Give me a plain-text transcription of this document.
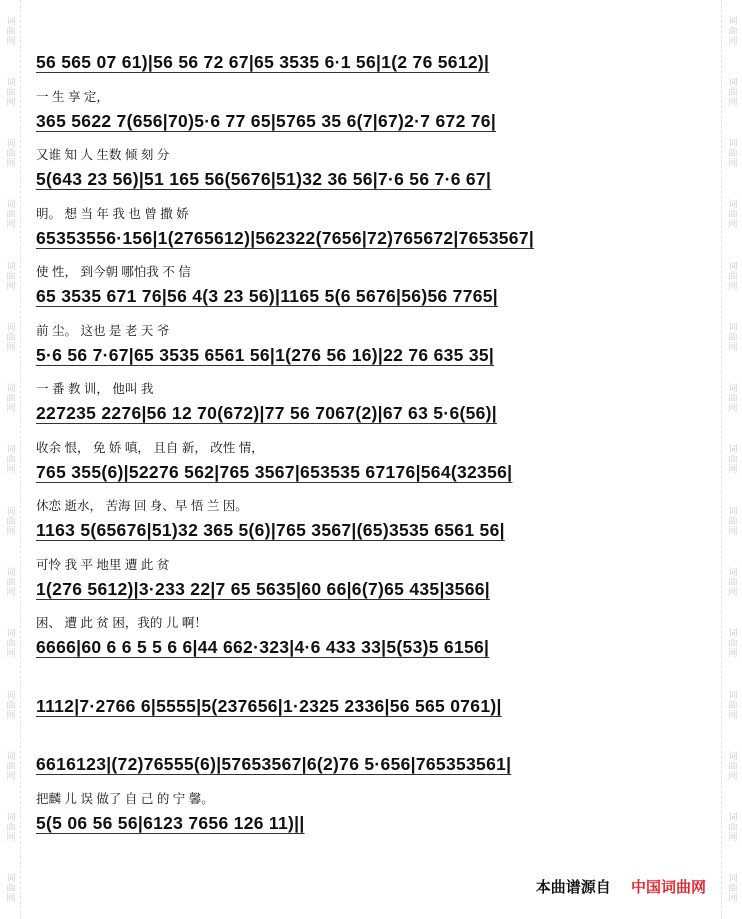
词曲网
词曲网
词曲网
词曲网
词曲网
词曲网
词曲网
词曲网
词曲网
词曲网
词曲网
词曲网
词曲网
词曲网
词曲网
词曲网
词曲网
词曲网
词曲网
词曲网
词曲网
词曲网
词曲网
词曲网
词曲网
词曲网
词曲网
词曲网
词曲网
词曲网
56 565 07 61)|56 56 72 67|65 3535 6·1 56|1(2 76 5612)|
一 生 享 定，
365 5622 7(656|70)5·6 77 65|5765 35 6(7|67)2·7 672 76|
又谁 知 人 生数 倾 刻 分
5(643 23 56)|51 165 56(5676|51)32 36 56|7·6 56 7·6 67|
明。 想 当 年 我 也 曾 撒 娇
65353556·156|1(2765612)|562322(7656|72)765672|7653567|
使 性， 到今朝 哪怕我 不 信
65 3535 671 76|56 4(3 23 56)|1165 5(6 5676|56)56 7765|
前 尘。 这也 是 老 天 爷
5·6 56 7·67|65 3535 6561 56|1(276 56 16)|22 76 635 35|
一 番 教 训， 他叫 我
227235 2276|56 12 70(672)|77 56 7067(2)|67 63 5·6(56)|
收余 恨， 免 娇 嗔， 且自 新， 改性 情，
765 355(6)|52276 562|765 3567|653535 67176|564(32356|
休恋 逝水， 苦海 回 身、早 悟 兰 因。
1163 5(65676|51)32 365 5(6)|765 3567|(65)3535 6561 56|
可怜 我 平 地里 遭 此 贫
1(276 5612)|3·233 22|7 65 5635|60 66|6(7)65 435|3566|
困、 遭 此 贫 困，我的 儿 啊！
6666|60 6 6 5 5 6 6|44 662·323|4·6 433 33|5(53)5 6156|
1112|7·2766 6|5555|5(237656|1·2325 2336|56 565 0761)|
6616123|(72)76555(6)|57653567|6(2)76 5·656|765353561|
把麟 儿 误 做了 自 己 的 宁 馨。
5(5 06 56 56|6123 7656 126 11)||
本曲谱源自 中国词曲网
